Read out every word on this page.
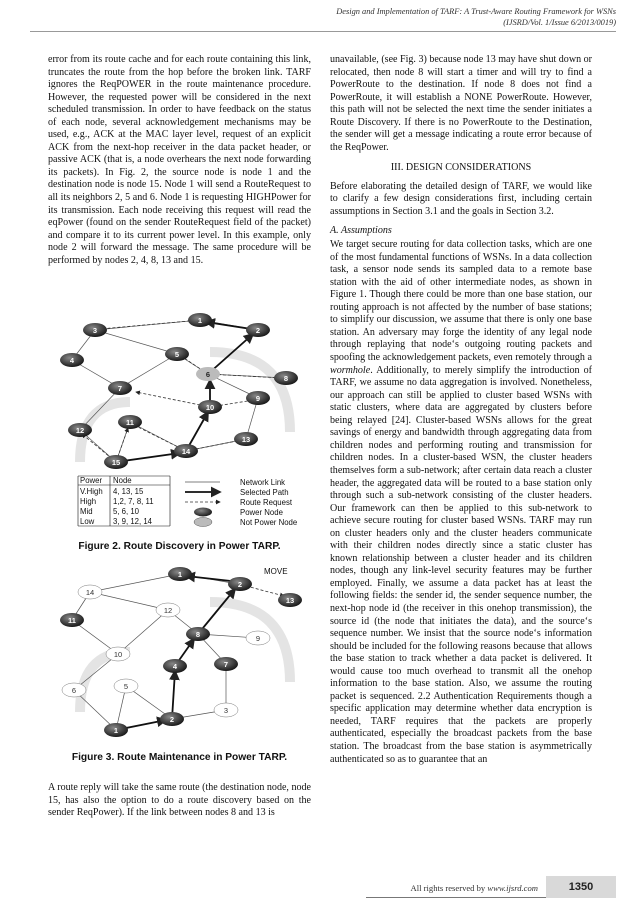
Design and Implementation of TARF: A Trust-Aware Routing Framework for WSNs
(IJSRD/Vol. 1/Issue 6/2013/0019)

error from its route cache and for each route containing this link, truncates the route from the hop before the broken link. TARF ignores the ReqPOWER in the route maintenance procedure. However, the requested power will be considered in the next scheduled transmission. In order to have feedback on the status of each node, several acknowledgement mechanisms may be used, e.g., ACK at the MAC layer level, request of an explicit ACK from the next-hop receiver in the data packet header, or passive ACK (that is, a node overhears the next node forwarding its packets). In Fig. 2, the source node is node 1 and the destination node is node 15. Node 1 will send a RouteRequest to all its neighbors 2, 5 and 6. Node 1 is requesting HIGHPower for its transmission. Each node receiving this request will read the eqPower (found on the sender RouteRequest field of the packet) and compare it to its current power level. In this example, only node 2 will forward the message. The same procedure will be performed by nodes 2, 4, 8, 13 and 15.

1
2
3
4
5
6	8
7
9
10
11
12
13
14
15
Power Node
V.High 4, 13, 15
High 1,2, 7, 8, 11
Mid	5, 6, 10
Low 3, 9, 12, 14
Network Link
Selected Path
Route Request
Power Node
Not Power Node
Figure 2. Route Discovery in Power TARP.
MOVE
1
2
13
14
11
12
8	9
10
7
4
5
6
3
2
1
Figure 3. Route Maintenance in Power TARP.

A route reply will take the same route (the destination node, node 15, has also the option to do a route discovery based on the sender ReqPower). If the link between nodes 8 and 13 is

unavailable, (see Fig. 3) because node 13 may have shut down or relocated, then node 8 will start a timer and will try to find a PowerRoute to the destination. If node 8 does not find a PowerRoute, it will establish a NONE PowerRoute. However, this path will not be selected the next time the sender initiates a Route Discovery. If there is no PowerRoute to the Destination, the sender will get a message indicating a route error because of the ReqPower.

III. DESIGN CONSIDERATIONS

Before elaborating the detailed design of TARF, we would like to clarify a few design considerations first, including certain assumptions in Section 3.1 and the goals in Section 3.2.

A. Assumptions

We target secure routing for data collection tasks, which are one of the most fundamental functions of WSNs. In a data collection task, a sensor node sends its sampled data to a remote base station with the aid of other intermediate nodes, as shown in Figure 1. Though there could be more than one base station, our routing approach is not affected by the number of base stations; to simplify our discussion, we assume that there is only one base station. An adversary may forge the identity of any legal node through replaying that node‘s outgoing routing packets and spoofing the acknowledgement packets, even remotely through a wormhole. Additionally, to merely simplify the introduction of TARF, we assume no data aggregation is involved. Nonetheless, our approach can still be applied to cluster based WSNs with static clusters, where data are aggregated by clusters before being relayed [24]. Cluster-based WSNs allows for the great savings of energy and bandwidth through aggregating data from children nodes and performing routing and transmission for children nodes. In a cluster-based WSN, the cluster headers themselves form a sub-network; after certain data reach a cluster header, the aggregated data will be routed to a base station only through such a sub-network consisting of the cluster headers. Our framework can then be applied to this sub-network to achieve secure routing for cluster based WSNs. TARF may run on cluster headers only and the cluster headers communicate with their children nodes directly since a static cluster has known relationship between a cluster header and its children nodes, though any link-level security features may be further employed. Finally, we assume a data packet has at least the following fields: the sender id, the sender sequence number, the next-hop node id (the receiver in this onehop transmission), the source id (the node that initiates the data), and the source‘s sequence number. We insist that the source node‘s information should be included for the following reasons because that allows the base station to track whether a data packet is delivered. It would cause too much overhead to transmit all the onehop information to the base station. Also, we assume the routing packet is sequenced. 2.2 Authentication Requirements though a specific application may determine whether data encryption is needed, TARF requires that the packets are properly authenticated, especially the broadcast packets from the base station. The broadcast from the base station is asymmetrically authenticated so as to guarantee that an

All rights reserved by www.ijsrd.com	1350
